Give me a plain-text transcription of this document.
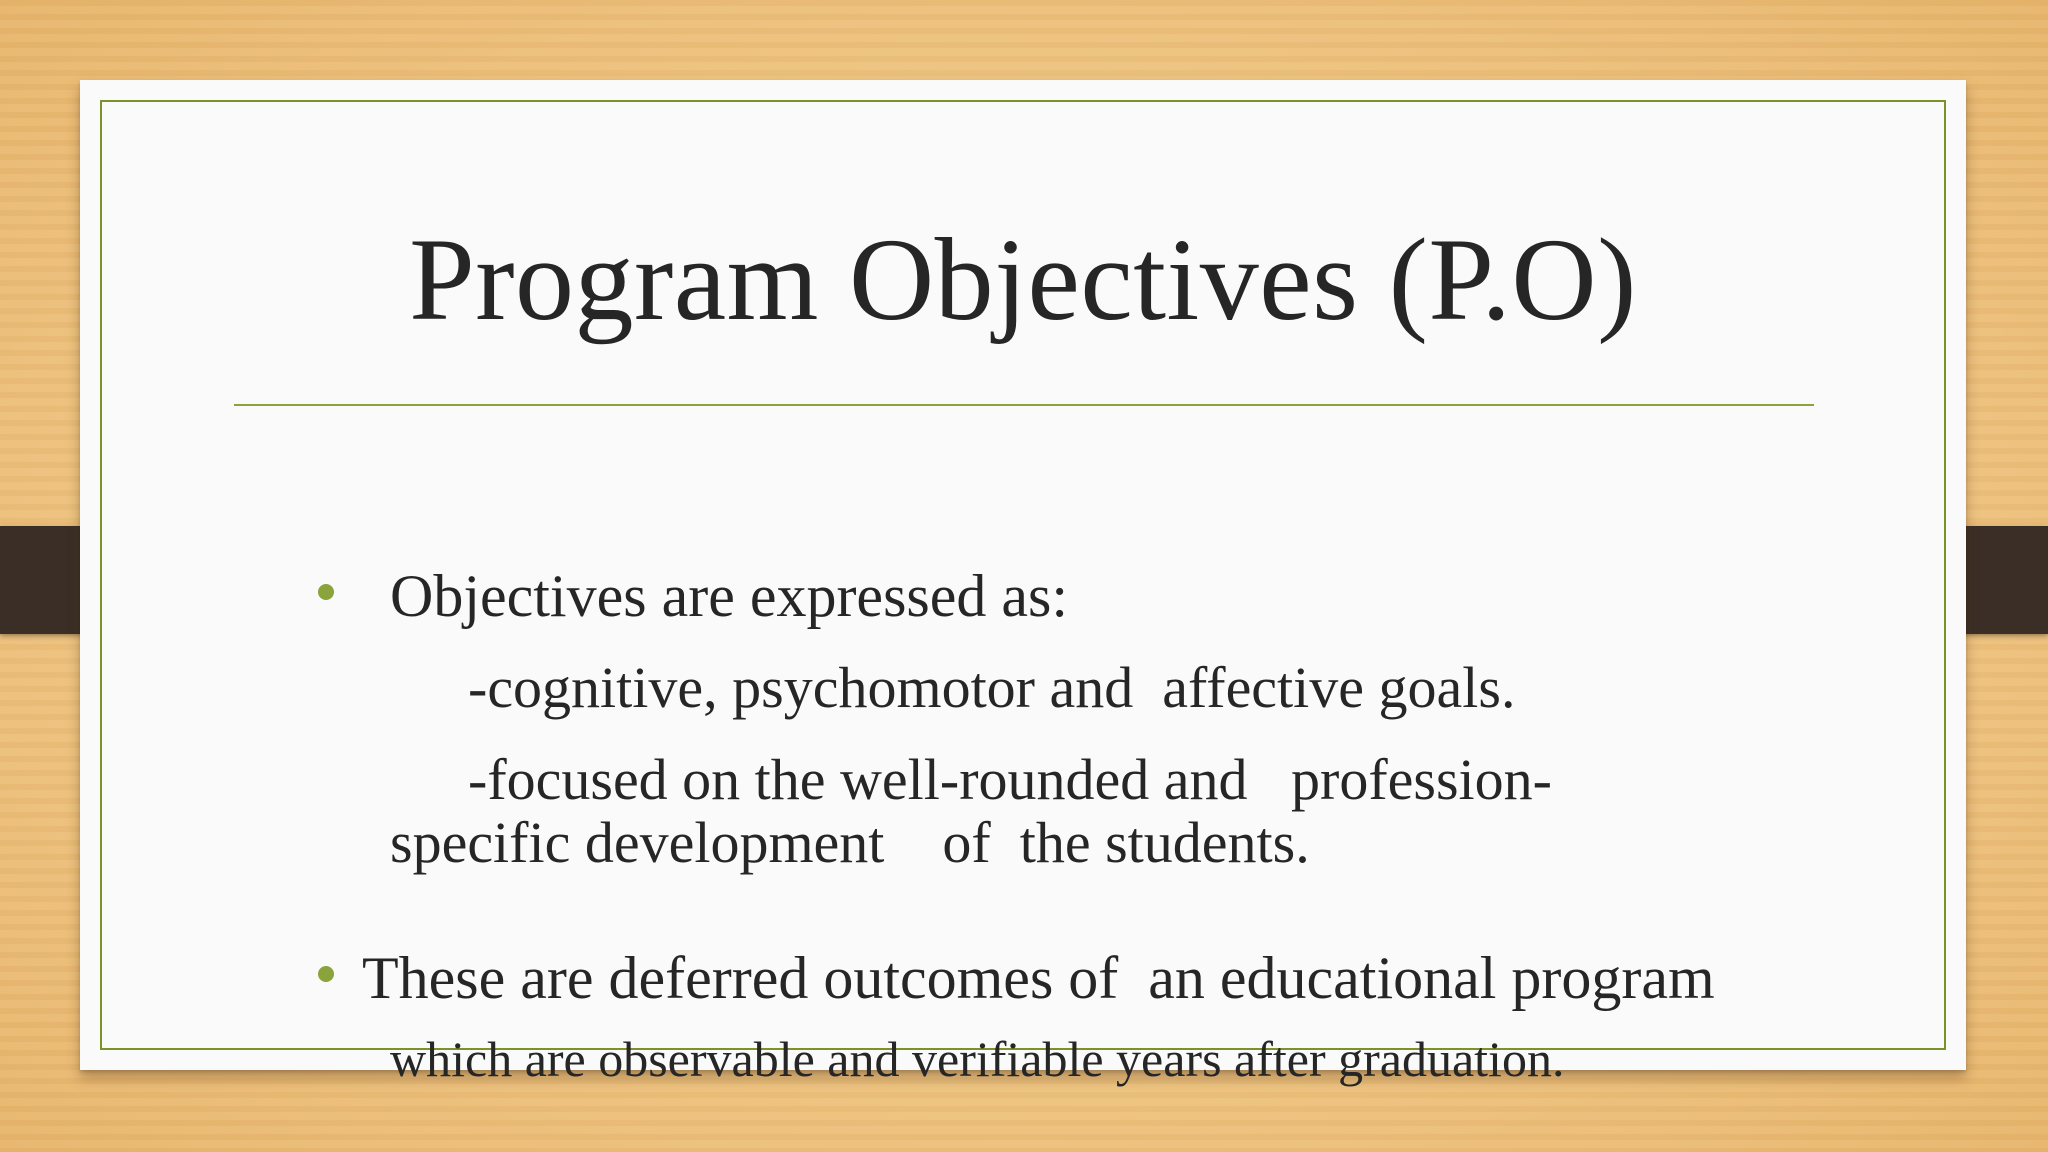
Program Objectives (P.O)

Objectives are expressed as:

-cognitive, psychomotor and  affective goals.

-focused on the well-rounded and   profession-

specific development    of  the students.

These are deferred outcomes of  an educational program

which are observable and verifiable years after graduation.
